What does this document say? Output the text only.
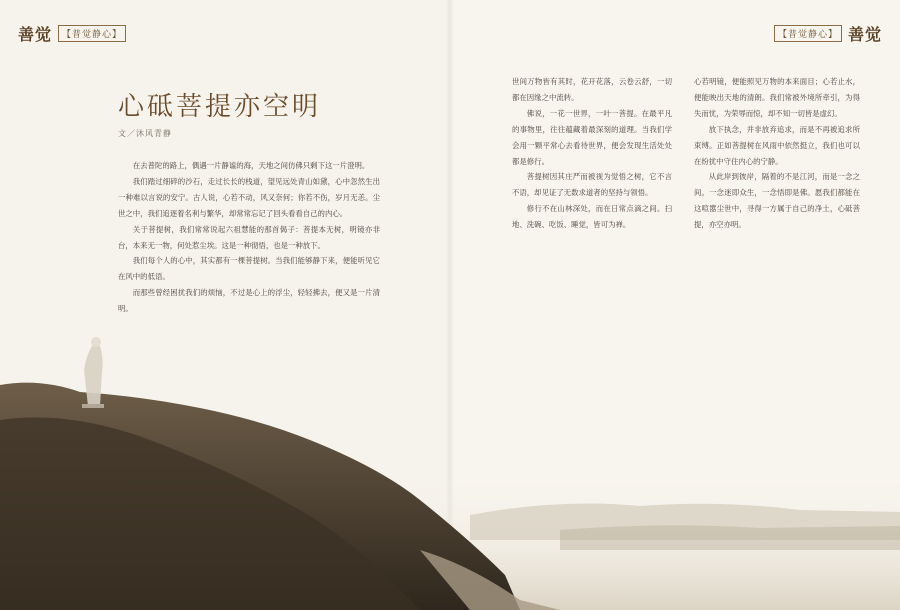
善觉	【普觉静心】	【普觉静心】 善觉
心砥菩提亦空明
文／沐风青静

在去普陀的路上，偶遇一片静谧的海，天地之间仿佛只剩下这一片澄明。

我们踏过细碎的沙石，走过长长的栈道，望见远处青山如黛，心中忽然生出一种难以言说的安宁。古人说，心若不动，风又奈何；你若不伤，岁月无恙。尘世之中，我们追逐着名利与繁华，却常常忘记了回头看看自己的内心。

关于菩提树，我们常常说起六祖慧能的那首偈子：菩提本无树，明镜亦非台，本来无一物，何处惹尘埃。这是一种彻悟，也是一种放下。

我们每个人的心中，其实都有一棵菩提树。当我们能够静下来，便能听见它在风中的低语。

而那些曾经困扰我们的烦恼，不过是心上的浮尘，轻轻拂去，便又是一片清明。

世间万物皆有其时，花开花落，云卷云舒，一切都在因缘之中流转。

佛说，一花一世界，一叶一菩提。在最平凡的事物里，往往蕴藏着最深刻的道理。当我们学会用一颗平常心去看待世界，便会发现生活处处都是修行。

菩提树因其庄严而被视为觉悟之树，它不言不语，却见证了无数求道者的坚持与领悟。

修行不在山林深处，而在日常点滴之间。扫地、洗碗、吃饭、睡觉，皆可为禅。

心若明镜，便能照见万物的本来面目；心若止水，便能映出天地的清朗。我们常被外境所牵引，为得失而忧，为荣辱而惊，却不知一切皆是虚幻。

放下执念，并非放弃追求，而是不再被追求所束缚。正如菩提树在风雨中依然挺立，我们也可以在纷扰中守住内心的宁静。

从此岸到彼岸，隔着的不是江河，而是一念之间。一念迷即众生，一念悟即是佛。愿我们都能在这喧嚣尘世中，寻得一方属于自己的净土，心砥菩提，亦空亦明。
